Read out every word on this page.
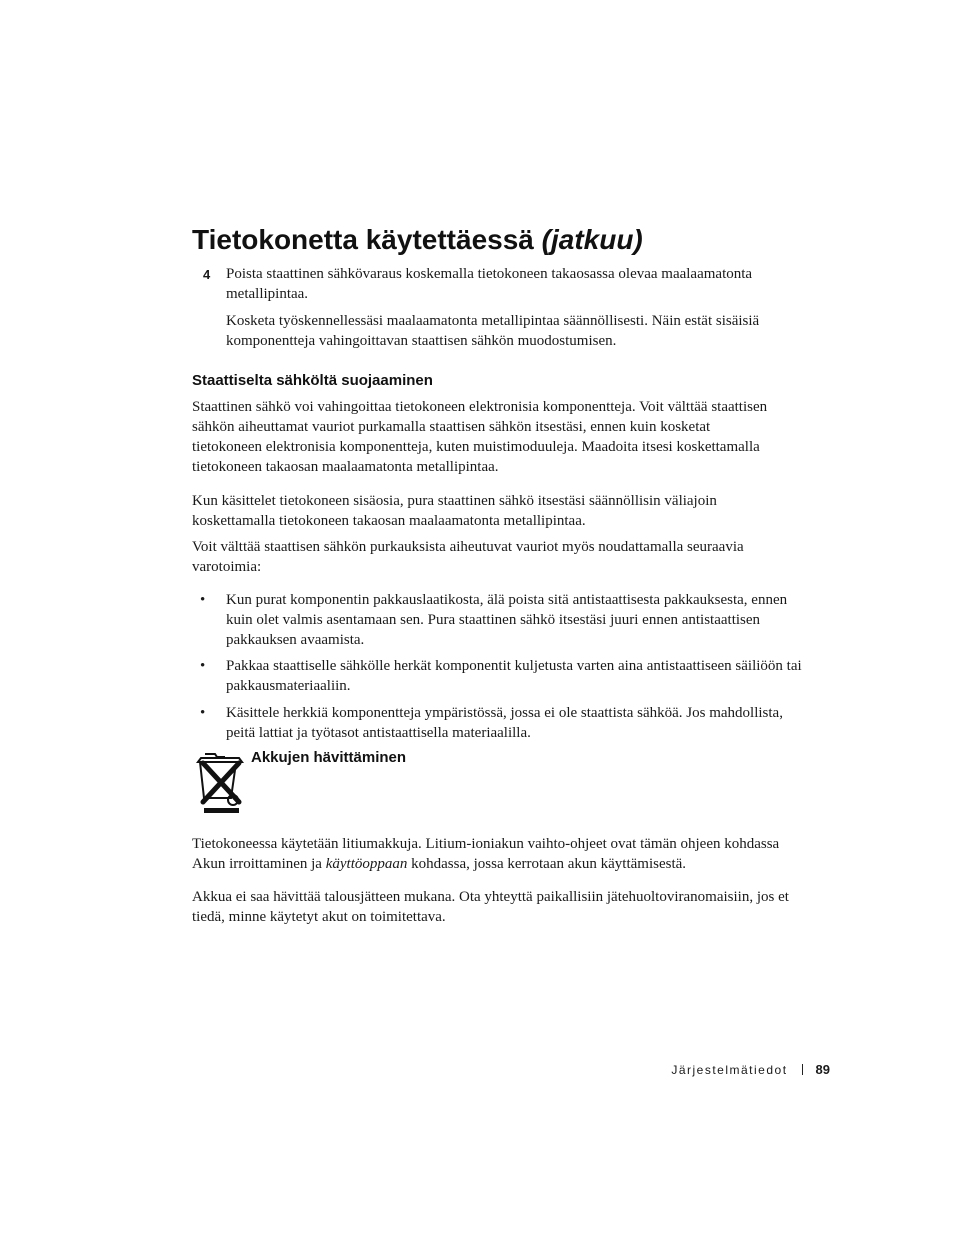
Tietokonetta käytettäessä (jatkuu)
4 Poista staattinen sähkövaraus koskemalla tietokoneen takaosassa olevaa maalaamatonta metallipintaa.

Kosketa työskennellessäsi maalaamatonta metallipintaa säännöllisesti. Näin estät sisäisiä komponentteja vahingoittavan staattisen sähkön muodostumisen.

Staattiselta sähköltä suojaaminen

Staattinen sähkö voi vahingoittaa tietokoneen elektronisia komponentteja. Voit välttää staattisen sähkön aiheuttamat vauriot purkamalla staattisen sähkön itsestäsi, ennen kuin kosketat tietokoneen elektronisia komponentteja, kuten muistimoduuleja. Maadoita itsesi koskettamalla tietokoneen takaosan maalaamatonta metallipintaa.

Kun käsittelet tietokoneen sisäosia, pura staattinen sähkö itsestäsi säännöllisin väliajoin koskettamalla tietokoneen takaosan maalaamatonta metallipintaa.

Voit välttää staattisen sähkön purkauksista aiheutuvat vauriot myös noudattamalla seuraavia varotoimia:

• Kun purat komponentin pakkauslaatikosta, älä poista sitä antistaattisesta pakkauksesta, ennen kuin olet valmis asentamaan sen. Pura staattinen sähkö itsestäsi juuri ennen antistaattisen pakkauksen avaamista.

• Pakkaa staattiselle sähkölle herkät komponentit kuljetusta varten aina antistaattiseen säiliöön tai pakkausmateriaaliin.

• Käsittele herkkiä komponentteja ympäristössä, jossa ei ole staattista sähköä. Jos mahdollista, peitä lattiat ja työtasot antistaattisella materiaalilla.

Akkujen hävittäminen

Tietokoneessa käytetään litiumakkuja. Litium-ioniakun vaihto-ohjeet ovat tämän ohjeen kohdassa Akun irroittaminen ja käyttöoppaan kohdassa, jossa kerrotaan akun käyttämisestä.

Akkua ei saa hävittää talousjätteen mukana. Ota yhteyttä paikallisiin jätehuoltoviranomaisiin, jos et tiedä, minne käytetyt akut on toimitettava.

Järjestelmätiedot 89
